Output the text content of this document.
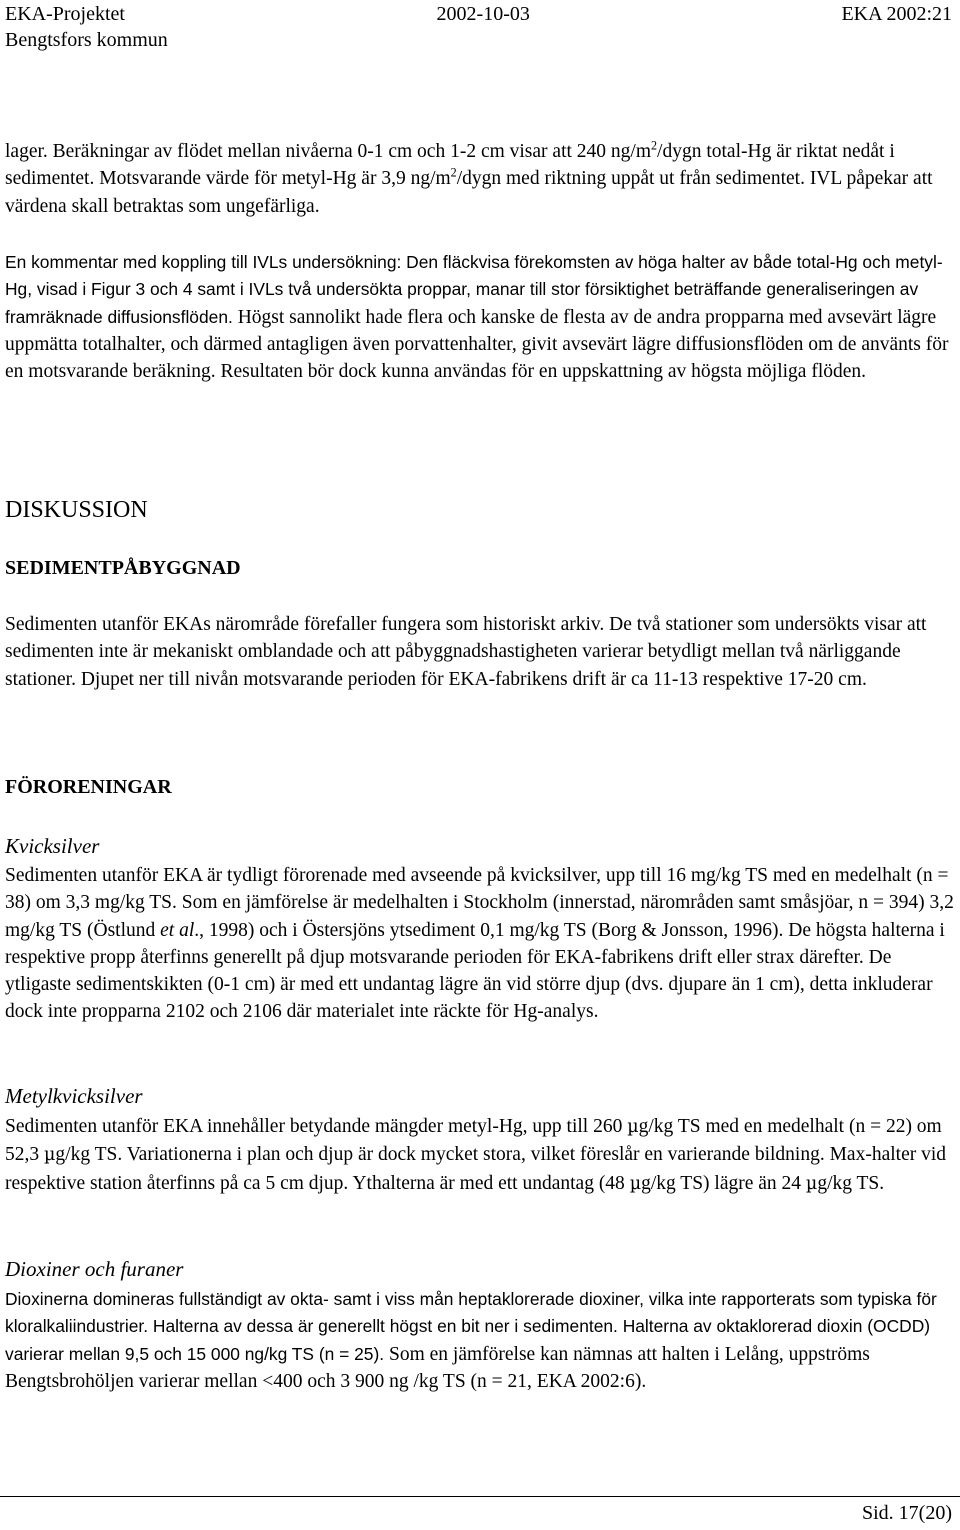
EKA-Projektet	2002-10-03	EKA 2002:21
Bengtsfors kommun
lager. Beräkningar av flödet mellan nivåerna 0-1 cm och 1-2 cm visar att 240 $ng/m^2$/dygn total-Hg är riktat nedåt i sedimentet. Motsvarande värde för metyl-Hg är 3,9 $ng/m^2$/dygn med riktning uppåt ut från sedimentet. IVL påpekar att värdena skall betraktas som ungefärliga.
En kommentar med koppling till IVLs undersökning: Den fläckvisa förekomsten av höga halter av både total-Hg och metyl-Hg, visad i Figur 3 och 4 samt i IVLs två undersökta proppar, manar till stor försiktighet beträffande generaliseringen av framräknade diffusionsflöden. Högst sannolikt hade flera och kanske de flesta av de andra propparna med avsevärt lägre uppmätta totalhalter, och därmed antagligen även porvattenhalter, givit avsevärt lägre diffusionsflöden om de använts för en motsvarande beräkning. Resultaten bör dock kunna användas för en uppskattning av högsta möjliga flöden.
DISKUSSION
SEDIMENTPÅBYGGNAD
Sedimenten utanför EKAs närområde förefaller fungera som historiskt arkiv. De två stationer som undersökts visar att sedimenten inte är mekaniskt omblandade och att påbyggnadshastigheten varierar betydligt mellan två närliggande stationer. Djupet ner till nivån motsvarande perioden för EKA-fabrikens drift är ca 11-13 respektive 17-20 cm.
FÖRORENINGAR
Kvicksilver
Sedimenten utanför EKA är tydligt förorenade med avseende på kvicksilver, upp till 16 mg/kg TS med en medelhalt (n = 38) om 3,3 mg/kg TS. Som en jämförelse är medelhalten i Stockholm (innerstad, närområden samt småsjöar, n = 394) 3,2 mg/kg TS (Östlund et al., 1998) och i Östersjöns ytsediment 0,1 mg/kg TS (Borg & Jonsson, 1996). De högsta halterna i respektive propp återfinns generellt på djup motsvarande perioden för EKA-fabrikens drift eller strax därefter. De ytligaste sedimentskikten (0-1 cm) är med ett undantag lägre än vid större djup (dvs. djupare än 1 cm), detta inkluderar dock inte propparna 2102 och 2106 där materialet inte räckte för Hg-analys.
Metylkvicksilver
Sedimenten utanför EKA innehåller betydande mängder metyl-Hg, upp till 260 µg/kg TS med en medelhalt (n = 22) om 52,3 µg/kg TS. Variationerna i plan och djup är dock mycket stora, vilket föreslår en varierande bildning. Max-halter vid respektive station återfinns på ca 5 cm djup. Ythalterna är med ett undantag (48 µg/kg TS) lägre än 24 µg/kg TS.
Dioxiner och furaner
Dioxinerna domineras fullständigt av okta- samt i viss mån heptaklorerade dioxiner, vilka inte rapporterats som typiska för kloralkaliindustrier. Halterna av dessa är generellt högst en bit ner i sedimenten. Halterna av oktaklorerad dioxin (OCDD) varierar mellan 9,5 och 15 000 ng/kg TS (n = 25). Som en jämförelse kan nämnas att halten i Lelång, uppströms Bengtsbrohöljen varierar mellan <400 och 3 900 ng /kg TS (n = 21, EKA 2002:6).
Sid. 17(20)
